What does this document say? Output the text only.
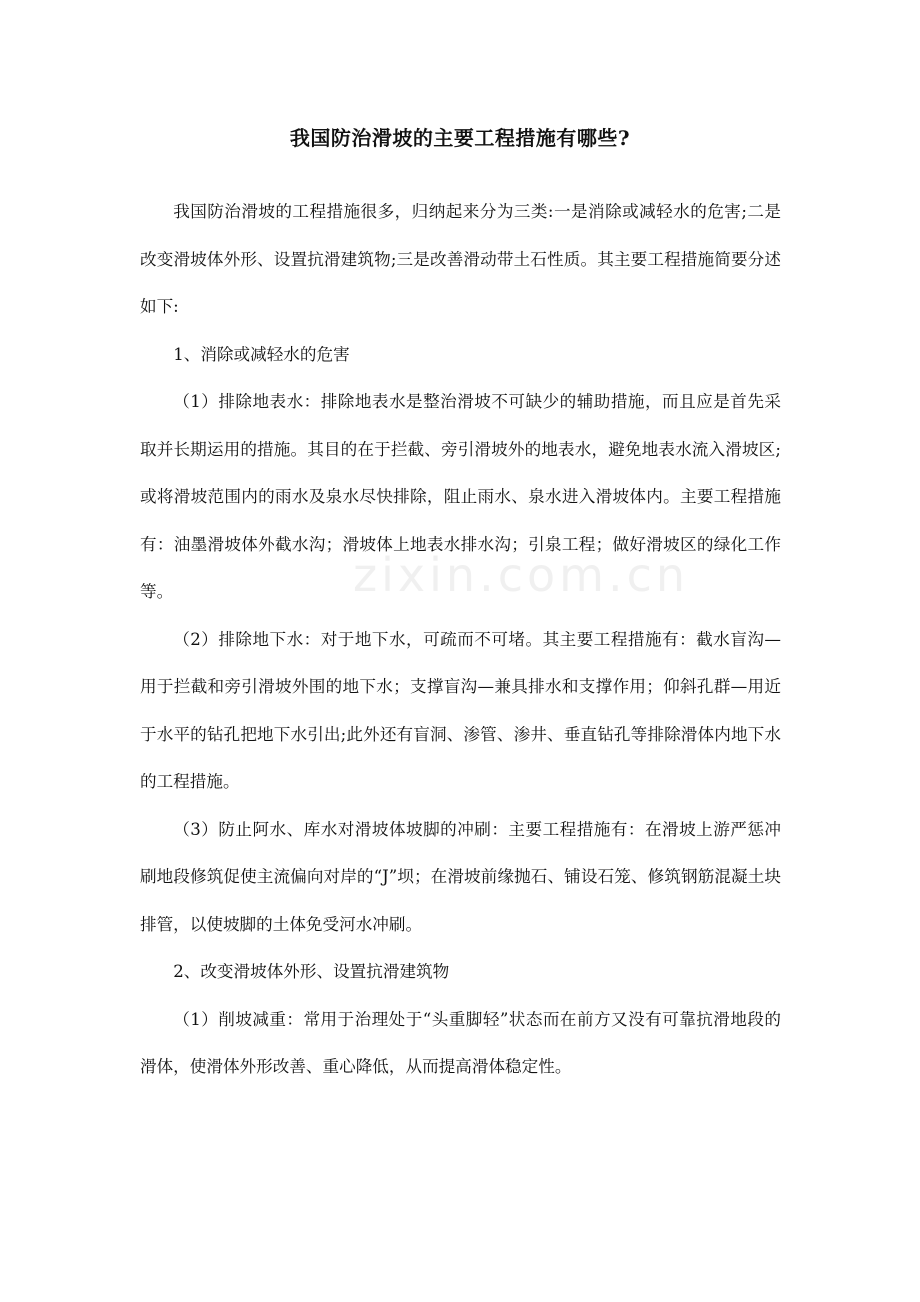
我国防治滑坡的主要工程措施有哪些?

我国防治滑坡的工程措施很多，归纳起来分为三类:一是消除或减轻水的危害;二是改变滑坡体外形、设置抗滑建筑物;三是改善滑动带土石性质。其主要工程措施简要分述如下:

1、消除或减轻水的危害

（1）排除地表水：排除地表水是整治滑坡不可缺少的辅助措施，而且应是首先采取并长期运用的措施。其目的在于拦截、旁引滑坡外的地表水，避免地表水流入滑坡区;或将滑坡范围内的雨水及泉水尽快排除，阻止雨水、泉水进入滑坡体内。主要工程措施有：油墨滑坡体外截水沟；滑坡体上地表水排水沟；引泉工程；做好滑坡区的绿化工作等。

（2）排除地下水：对于地下水，可疏而不可堵。其主要工程措施有：截水盲沟—用于拦截和旁引滑坡外围的地下水；支撑盲沟—兼具排水和支撑作用；仰斜孔群—用近于水平的钻孔把地下水引出;此外还有盲洞、渗管、渗井、垂直钻孔等排除滑体内地下水的工程措施。

（3）防止阿水、库水对滑坡体坡脚的冲刷：主要工程措施有：在滑坡上游严惩冲刷地段修筑促使主流偏向对岸的“J”坝；在滑坡前缘抛石、铺设石笼、修筑钢筋混凝土块排管，以使坡脚的土体免受河水冲刷。

2、改变滑坡体外形、设置抗滑建筑物

（1）削坡减重：常用于治理处于“头重脚轻”状态而在前方又没有可靠抗滑地段的滑体，使滑体外形改善、重心降低，从而提高滑体稳定性。

zixin.com.cn
